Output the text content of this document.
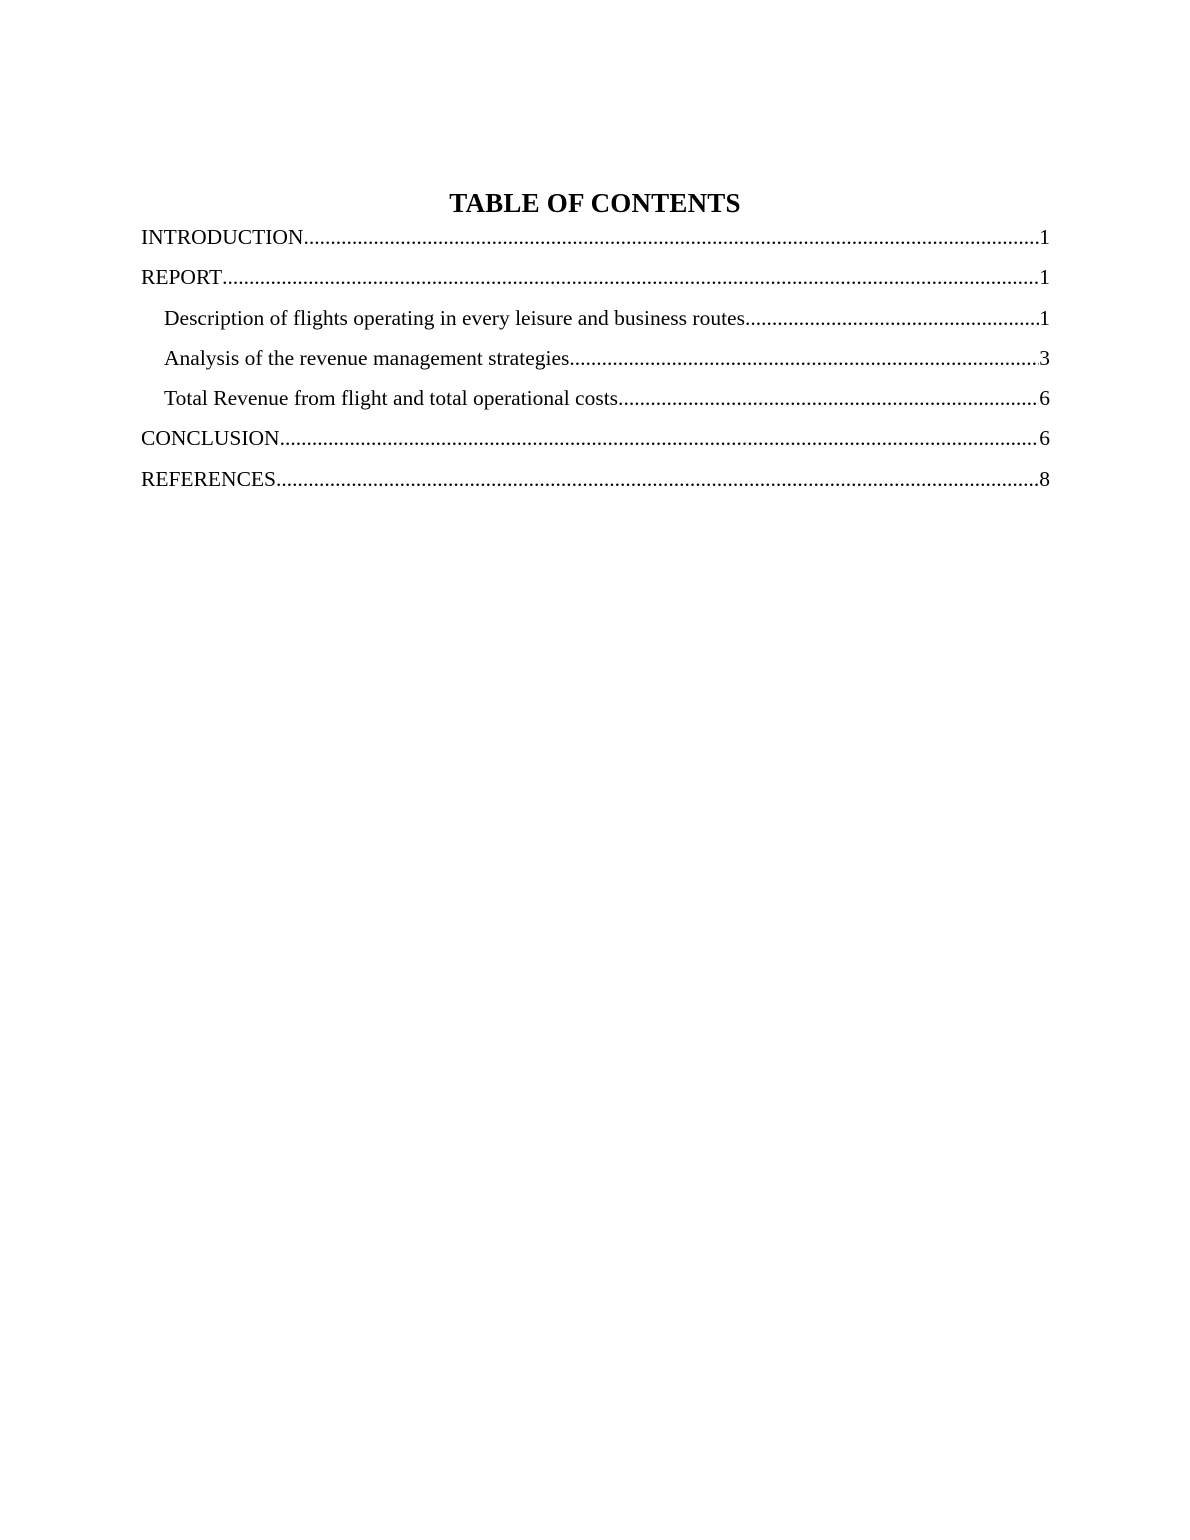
TABLE OF CONTENTS
INTRODUCTION .....	1
REPORT .....	1
Description of flights operating in every leisure and business routes .....	1
Analysis of the revenue management strategies .....	3
Total Revenue from flight and total operational costs. .....	6
CONCLUSION .....	6
REFERENCES .....	8
